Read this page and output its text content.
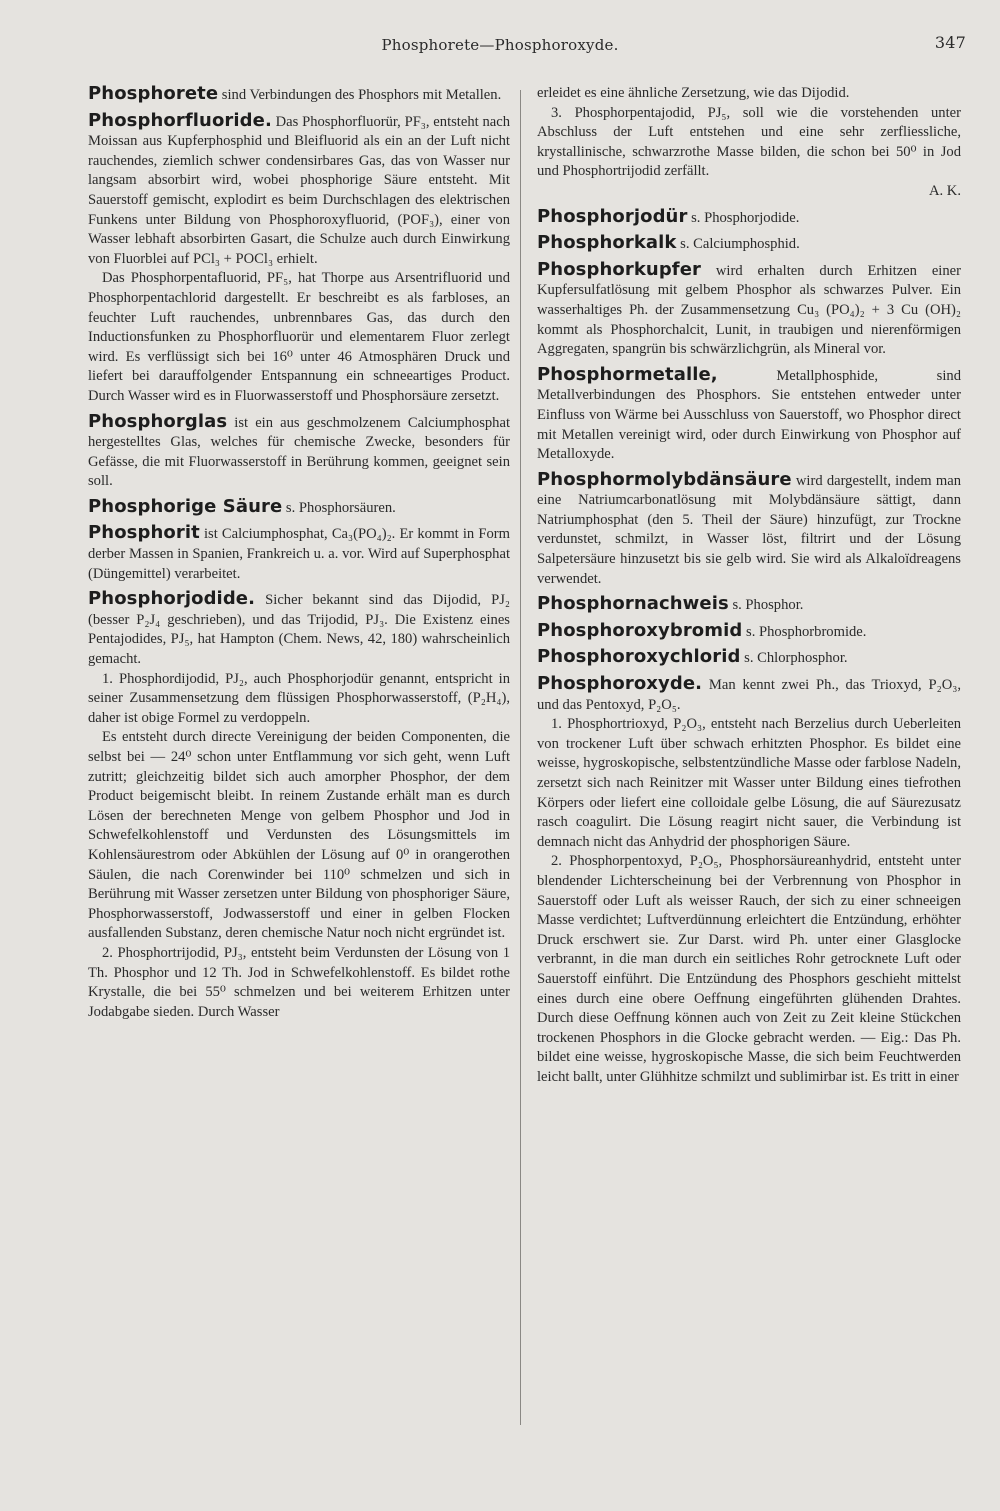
Phosphorete—Phosphoroxyde.	347

Phosphorete sind Verbindungen des Phosphors mit Metallen.

Phosphorfluoride. Das Phosphorfluorür, PF₃, entsteht nach Moissan aus Kupferphosphid und Bleifluorid als ein an der Luft nicht rauchendes, ziemlich schwer condensirbares Gas, das von Wasser nur langsam absorbirt wird, wobei phosphorige Säure entsteht. Mit Sauerstoff gemischt, explodirt es beim Durchschlagen des elektrischen Funkens unter Bildung von Phosphoroxyfluorid, (POF₃), einer von Wasser lebhaft absorbirten Gasart, die Schulze auch durch Einwirkung von Fluorblei auf PCl₃ + POCl₃ erhielt.

Das Phosphorpentafluorid, PF₅, hat Thorpe aus Arsentrifluorid und Phosphorpentachlorid dargestellt. Er beschreibt es als farbloses, an feuchter Luft rauchendes, unbrennbares Gas, das durch den Inductionsfunken zu Phosphorfluorür und elementarem Fluor zerlegt wird. Es verflüssigt sich bei 16⁰ unter 46 Atmosphären Druck und liefert bei darauffolgender Entspannung ein schneeartiges Product. Durch Wasser wird es in Fluorwasserstoff und Phosphorsäure zersetzt.

Phosphorglas ist ein aus geschmolzenem Calciumphosphat hergestelltes Glas, welches für chemische Zwecke, besonders für Gefässe, die mit Fluorwasserstoff in Berührung kommen, geeignet sein soll.

Phosphorige Säure s. Phosphorsäuren.

Phosphorit ist Calciumphosphat, Ca₃(PO₄)₂. Er kommt in Form derber Massen in Spanien, Frankreich u. a. vor. Wird auf Superphosphat (Düngemittel) verarbeitet.

Phosphorjodide. Sicher bekannt sind das Dijodid, PJ₂ (besser P₂J₄ geschrieben), und das Trijodid, PJ₃. Die Existenz eines Pentajodides, PJ₅, hat Hampton (Chem. News, 42, 180) wahrscheinlich gemacht.

1. Phosphordijodid, PJ₂, auch Phosphorjodür genannt, entspricht in seiner Zusammensetzung dem flüssigen Phosphorwasserstoff, (P₂H₄), daher ist obige Formel zu verdoppeln.

Es entsteht durch directe Vereinigung der beiden Componenten, die selbst bei — 24⁰ schon unter Entflammung vor sich geht, wenn Luft zutritt; gleichzeitig bildet sich auch amorpher Phosphor, der dem Product beigemischt bleibt. In reinem Zustande erhält man es durch Lösen der berechneten Menge von gelbem Phosphor und Jod in Schwefelkohlenstoff und Verdunsten des Lösungsmittels im Kohlensäurestrom oder Abkühlen der Lösung auf 0⁰ in orangerothen Säulen, die nach Corenwinder bei 110⁰ schmelzen und sich in Berührung mit Wasser zersetzen unter Bildung von phosphoriger Säure, Phosphorwasserstoff, Jodwasserstoff und einer in gelben Flocken ausfallenden Substanz, deren chemische Natur noch nicht ergründet ist.

2. Phosphortrijodid, PJ₃, entsteht beim Verdunsten der Lösung von 1 Th. Phosphor und 12 Th. Jod in Schwefelkohlenstoff. Es bildet rothe Krystalle, die bei 55⁰ schmelzen und bei weiterem Erhitzen unter Jodabgabe sieden. Durch Wasser

erleidet es eine ähnliche Zersetzung, wie das Dijodid.

3. Phosphorpentajodid, PJ₅, soll wie die vorstehenden unter Abschluss der Luft entstehen und eine sehr zerfliessliche, krystallinische, schwarzrothe Masse bilden, die schon bei 50⁰ in Jod und Phosphortrijodid zerfällt.

A. K.

Phosphorjodür s. Phosphorjodide.

Phosphorkalk s. Calciumphosphid.

Phosphorkupfer wird erhalten durch Erhitzen einer Kupfersulfatlösung mit gelbem Phosphor als schwarzes Pulver. Ein wasserhaltiges Ph. der Zusammensetzung Cu₃ (PO₄)₂ + 3 Cu (OH)₂ kommt als Phosphorchalcit, Lunit, in traubigen und nierenförmigen Aggregaten, spangrün bis schwärzlichgrün, als Mineral vor.

Phosphormetalle, Metallphosphide, sind Metallverbindungen des Phosphors. Sie entstehen entweder unter Einfluss von Wärme bei Ausschluss von Sauerstoff, wo Phosphor direct mit Metallen vereinigt wird, oder durch Einwirkung von Phosphor auf Metalloxyde.

Phosphormolybdänsäure wird dargestellt, indem man eine Natriumcarbonatlösung mit Molybdänsäure sättigt, dann Natriumphosphat (den 5. Theil der Säure) hinzufügt, zur Trockne verdunstet, schmilzt, in Wasser löst, filtrirt und der Lösung Salpetersäure hinzusetzt bis sie gelb wird. Sie wird als Alkaloïdreagens verwendet.

Phosphornachweis s. Phosphor.

Phosphoroxybromid s. Phosphorbromide.

Phosphoroxychlorid s. Chlorphosphor.

Phosphoroxyde. Man kennt zwei Ph., das Trioxyd, P₂O₃, und das Pentoxyd, P₂O₅.

1. Phosphortrioxyd, P₂O₃, entsteht nach Berzelius durch Ueberleiten von trockener Luft über schwach erhitzten Phosphor. Es bildet eine weisse, hygroskopische, selbstentzündliche Masse oder farblose Nadeln, zersetzt sich nach Reinitzer mit Wasser unter Bildung eines tiefrothen Körpers oder liefert eine colloidale gelbe Lösung, die auf Säurezusatz rasch coagulirt. Die Lösung reagirt nicht sauer, die Verbindung ist demnach nicht das Anhydrid der phosphorigen Säure.

2. Phosphorpentoxyd, P₂O₅, Phosphorsäureanhydrid, entsteht unter blendender Lichterscheinung bei der Verbrennung von Phosphor in Sauerstoff oder Luft als weisser Rauch, der sich zu einer schneeigen Masse verdichtet; Luftverdünnung erleichtert die Entzündung, erhöhter Druck erschwert sie. Zur Darst. wird Ph. unter einer Glasglocke verbrannt, in die man durch ein seitliches Rohr getrocknete Luft oder Sauerstoff einführt. Die Entzündung des Phosphors geschieht mittelst eines durch eine obere Oeffnung eingeführten glühenden Drahtes. Durch diese Oeffnung können auch von Zeit zu Zeit kleine Stückchen trockenen Phosphors in die Glocke gebracht werden. — Eig.: Das Ph. bildet eine weisse, hygroskopische Masse, die sich beim Feuchtwerden leicht ballt, unter Glühhitze schmilzt und sublimirbar ist. Es tritt in einer
